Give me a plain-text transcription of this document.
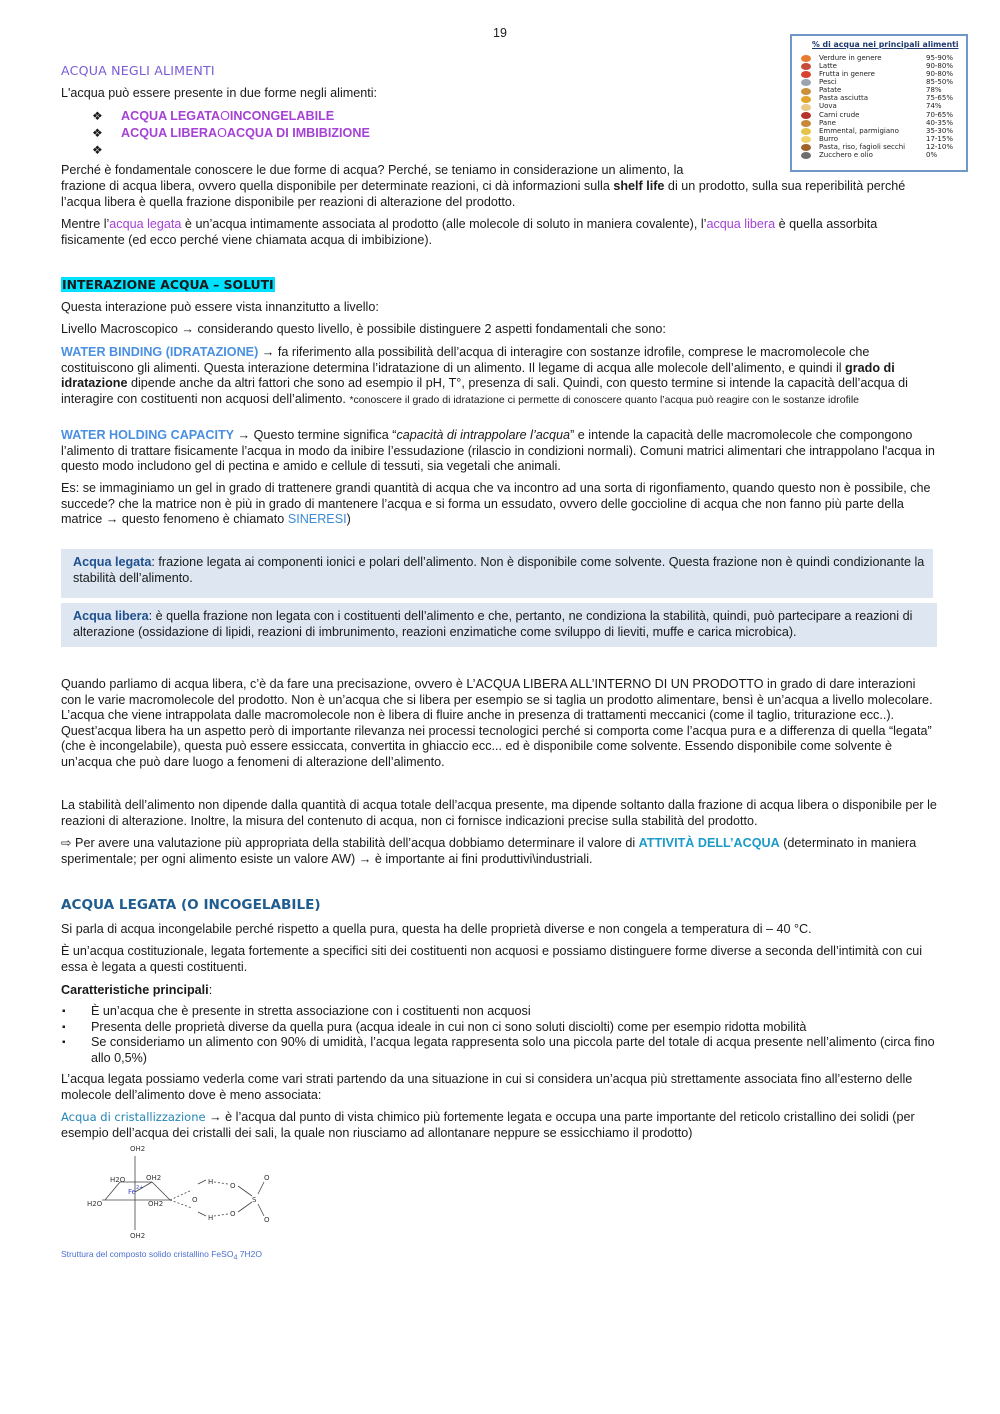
19
% di acqua nei principali alimenti
Verdure in genere	95-90%
Latte	90-80%
Frutta in genere	90-80%
Pesci	85-50%
Patate	78%
Pasta asciutta	75-65%
Uova	74%
Carni crude	70-65%
Pane	40-35%
Emmental, parmigiano	35-30%
Burro	17-15%
Pasta, riso, fagioli secchi	12-10%
Zucchero e olio	0%
ACQUA NEGLI ALIMENTI

L'acqua può essere presente in due forme negli alimenti:

❖	ACQUA LEGATA O INCONGELABILE
❖	ACQUA LIBERA O ACQUA DI IMBIBIZIONE
❖

Perché è fondamentale conoscere le due forme di acqua? Perché, se teniamo in considerazione un alimento, la

frazione di acqua libera, ovvero quella disponibile per determinate reazioni, ci dà informazioni sulla shelf life di un prodotto, sulla sua reperibilità perché l’acqua libera è quella frazione disponibile per reazioni di alterazione del prodotto.

Mentre l’acqua legata è un’acqua intimamente associata al prodotto (alle molecole di soluto in maniera covalente), l’acqua libera è quella assorbita fisicamente (ed ecco perché viene chiamata acqua di imbibizione).

INTERAZIONE ACQUA – SOLUTI

Questa interazione può essere vista innanzitutto a livello:

Livello Macroscopico → considerando questo livello, è possibile distinguere 2 aspetti fondamentali che sono:

WATER BINDING (IDRATAZIONE) → fa riferimento alla possibilità dell’acqua di interagire con sostanze idrofile, comprese le macromolecole che costituiscono gli alimenti. Questa interazione determina l’idratazione di un alimento. Il legame di acqua alle molecole dell’alimento, e quindi il grado di idratazione dipende anche da altri fattori che sono ad esempio il pH, T°, presenza di sali. Quindi, con questo termine si intende la capacità dell’acqua di interagire con costituenti non acquosi dell’alimento. *conoscere il grado di idratazione ci permette di conoscere quanto l’acqua può reagire con le sostanze idrofile

WATER HOLDING CAPACITY → Questo termine significa “capacità di intrappolare l’acqua” e intende la capacità delle macromolecole che compongono l’alimento di trattare fisicamente l’acqua in modo da inibire l’essudazione (rilascio in condizioni normali). Comuni matrici alimentari che intrappolano l'acqua in questo modo includono gel di pectina e amido e cellule di tessuti, sia vegetali che animali.

Es: se immaginiamo un gel in grado di trattenere grandi quantità di acqua che va incontro ad una sorta di rigonfiamento, quando questo non è possibile, che succede? che la matrice non è più in grado di mantenere l’acqua e si forma un essudato, ovvero delle goccioline di acqua che non fanno più parte della matrice → questo fenomeno è chiamato SINERESI)

Acqua legata: frazione legata ai componenti ionici e polari dell’alimento. Non è disponibile come solvente. Questa frazione non è quindi condizionante la stabilità dell’alimento.
Acqua libera: è quella frazione non legata con i costituenti dell’alimento e che, pertanto, ne condiziona la stabilità, quindi, può partecipare a reazioni di alterazione (ossidazione di lipidi, reazioni di imbrunimento, reazioni enzimatiche come sviluppo di lieviti, muffe e carica microbica).

Quando parliamo di acqua libera, c’è da fare una precisazione, ovvero è L’ACQUA LIBERA ALL’INTERNO DI UN PRODOTTO in grado di dare interazioni con le varie macromolecole del prodotto. Non è un’acqua che si libera per esempio se si taglia un prodotto alimentare, bensì è un’acqua a livello molecolare. L’acqua che viene intrappolata dalle macromolecole non è libera di fluire anche in presenza di trattamenti meccanici (come il taglio, triturazione ecc..). Quest’acqua libera ha un aspetto però di importante rilevanza nei processi tecnologici perché si comporta come l’acqua pura e a differenza di quella “legata” (che è incongelabile), questa può essere essiccata, convertita in ghiaccio ecc... ed è disponibile come solvente. Essendo disponibile come solvente è un’acqua che può dare luogo a fenomeni di alterazione dell’alimento.

La stabilità dell’alimento non dipende dalla quantità di acqua totale dell’acqua presente, ma dipende soltanto dalla frazione di acqua libera o disponibile per le reazioni di alterazione. Inoltre, la misura del contenuto di acqua, non ci fornisce indicazioni precise sulla stabilità del prodotto.

⇨ Per avere una valutazione più appropriata della stabilità dell’acqua dobbiamo determinare il valore di ATTIVITÀ DELL’ACQUA (determinato in maniera sperimentale; per ogni alimento esiste un valore AW) → è importante ai fini produttivi\industriali.

ACQUA LEGATA (O INCOGELABILE)

Si parla di acqua incongelabile perché rispetto a quella pura, questa ha delle proprietà diverse e non congela a temperatura di – 40 °C.

È un’acqua costituzionale, legata fortemente a specifici siti dei costituenti non acquosi e possiamo distinguere forme diverse a seconda dell’intimità con cui essa è legata a questi costituenti.

Caratteristiche principali:

▪	È un’acqua che è presente in stretta associazione con i costituenti non acquosi
▪	Presenta delle proprietà diverse da quella pura (acqua ideale in cui non ci sono soluti disciolti) come per esempio ridotta mobilità
▪	Se consideriamo un alimento con 90% di umidità, l’acqua legata rappresenta solo una piccola parte del totale di acqua presente nell’alimento (circa fino allo 0,5%)

L’acqua legata possiamo vederla come vari strati partendo da una situazione in cui si considera un’acqua più strettamente associata fino all’esterno delle molecole dell’alimento dove è meno associata:

Acqua di cristallizzazione → è l’acqua dal punto di vista chimico più fortemente legata e occupa una parte importante del reticolo cristallino dei solidi (per esempio dell’acqua dei cristalli dei sali, la quale non riusciamo ad allontanare neppure se essicchiamo il prodotto)

OH2
H2O	OH2
H2O	OH2
OH2
Fe 2+
O
H
H
O
O
S
O
O
Struttura del composto solido cristallino FeSO$_4$ 7H2O
